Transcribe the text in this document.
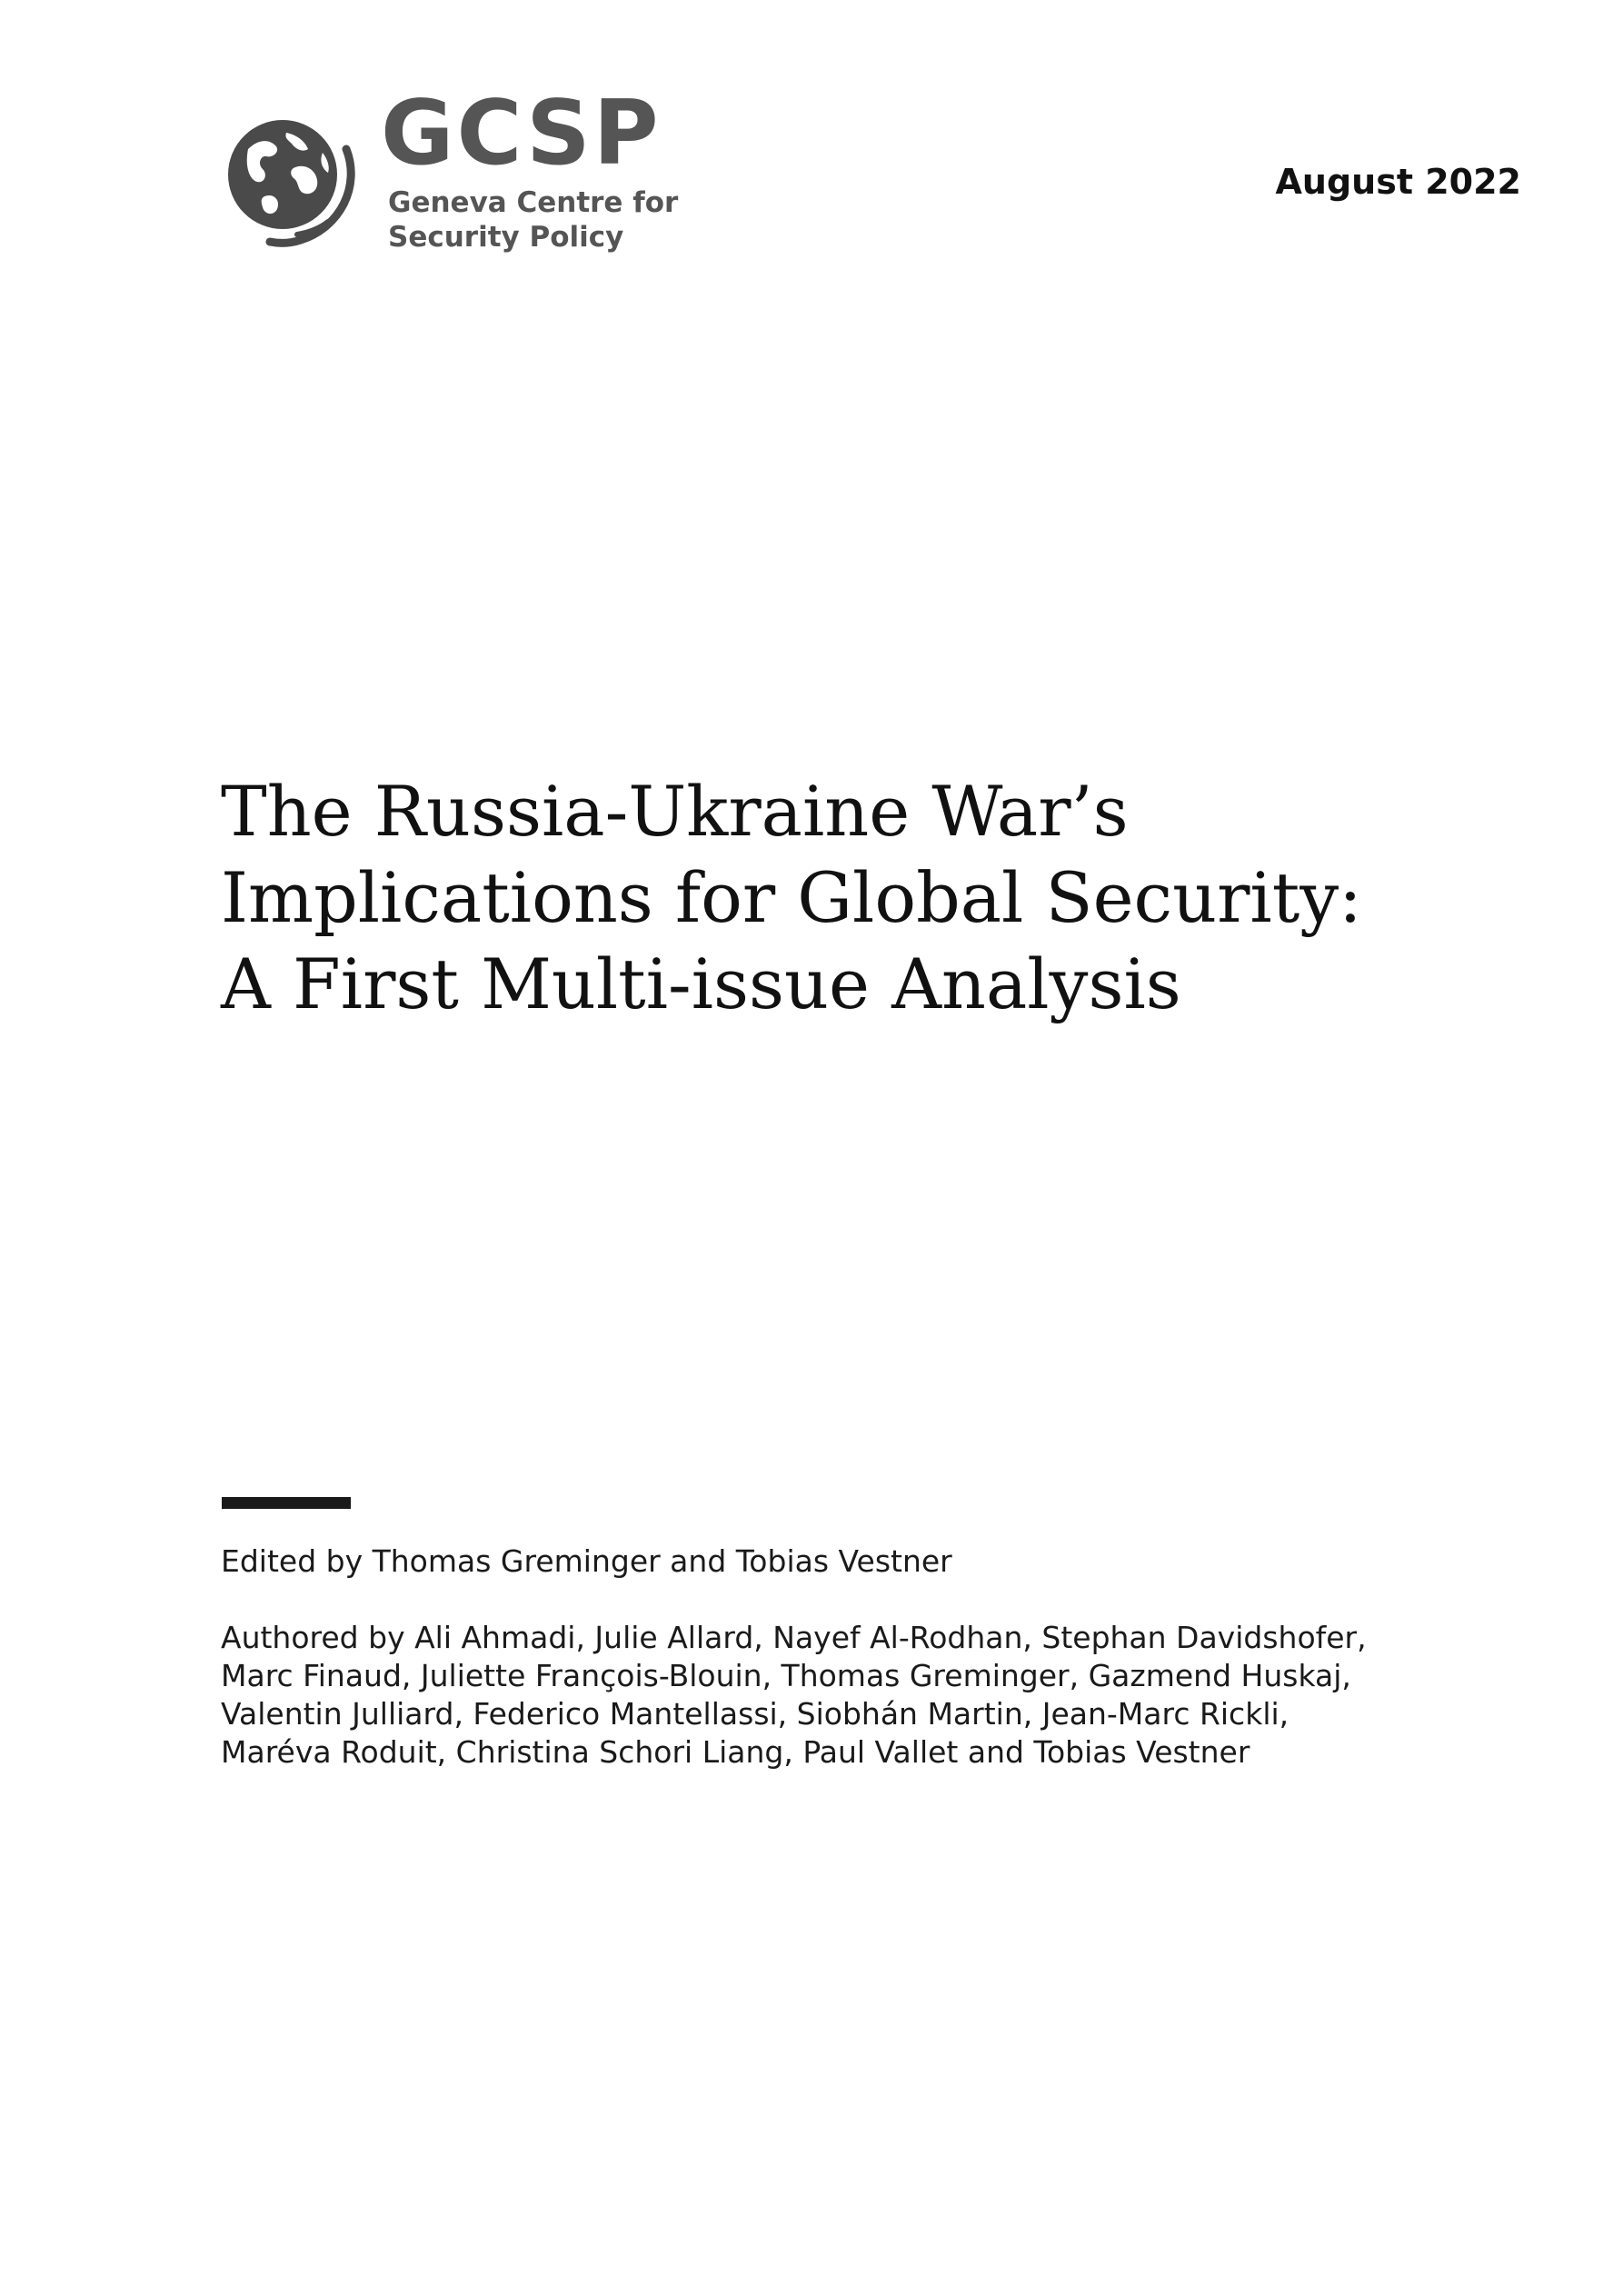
GCSP
Geneva Centre for
Security Policy
August 2022
The Russia-Ukraine War’s
Implications for Global Security:
A First Multi-issue Analysis
Edited by Thomas Greminger and Tobias Vestner
Authored by Ali Ahmadi, Julie Allard, Nayef Al-Rodhan, Stephan Davidshofer,
Marc Finaud, Juliette François-Blouin, Thomas Greminger, Gazmend Huskaj,
Valentin Julliard, Federico Mantellassi, Siobhán Martin, Jean-Marc Rickli,
Maréva Roduit, Christina Schori Liang, Paul Vallet and Tobias Vestner
